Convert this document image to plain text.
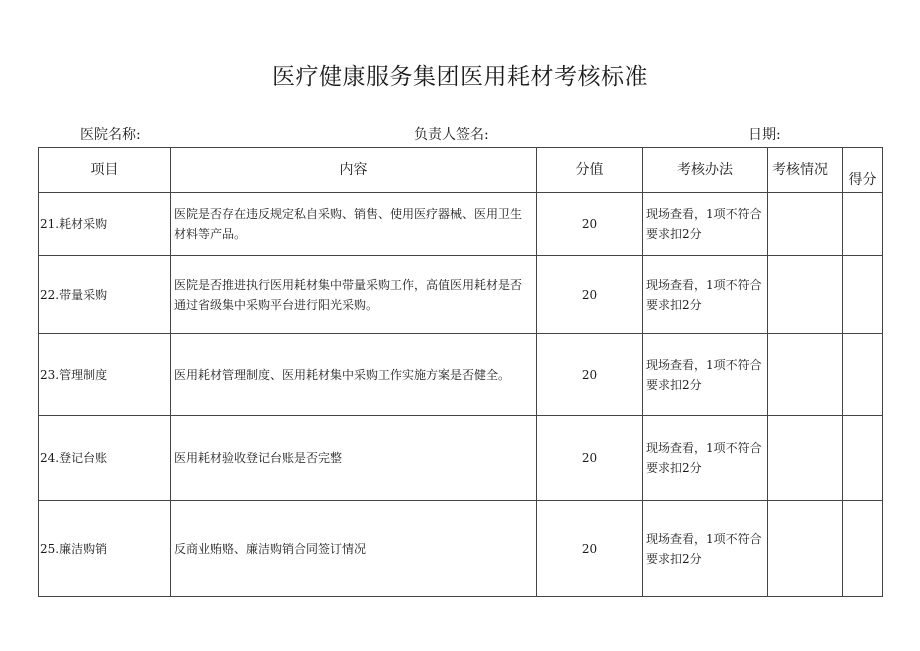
医疗健康服务集团医用耗材考核标准
医院名称:	负责人签名:	日期:
项目	内容	分值	考核办法	考核情况	得分
21.耗材采购	医院是否存在违反规定私自采购、销售、使用医疗器械、医用卫生材料等产品。	20	现场查看，1项不符合要求扣2分		
22.带量采购	医院是否推进执行医用耗材集中带量采购工作，高值医用耗材是否通过省级集中采购平台进行阳光采购。	20	现场查看，1项不符合要求扣2分		
23.管理制度	医用耗材管理制度、医用耗材集中采购工作实施方案是否健全。	20	现场查看，1项不符合要求扣2分		
24.登记台账	医用耗材验收登记台账是否完整	20	现场查看，1项不符合要求扣2分		
25.廉洁购销	反商业贿赂、廉洁购销合同签订情况	20	现场查看，1项不符合要求扣2分		
